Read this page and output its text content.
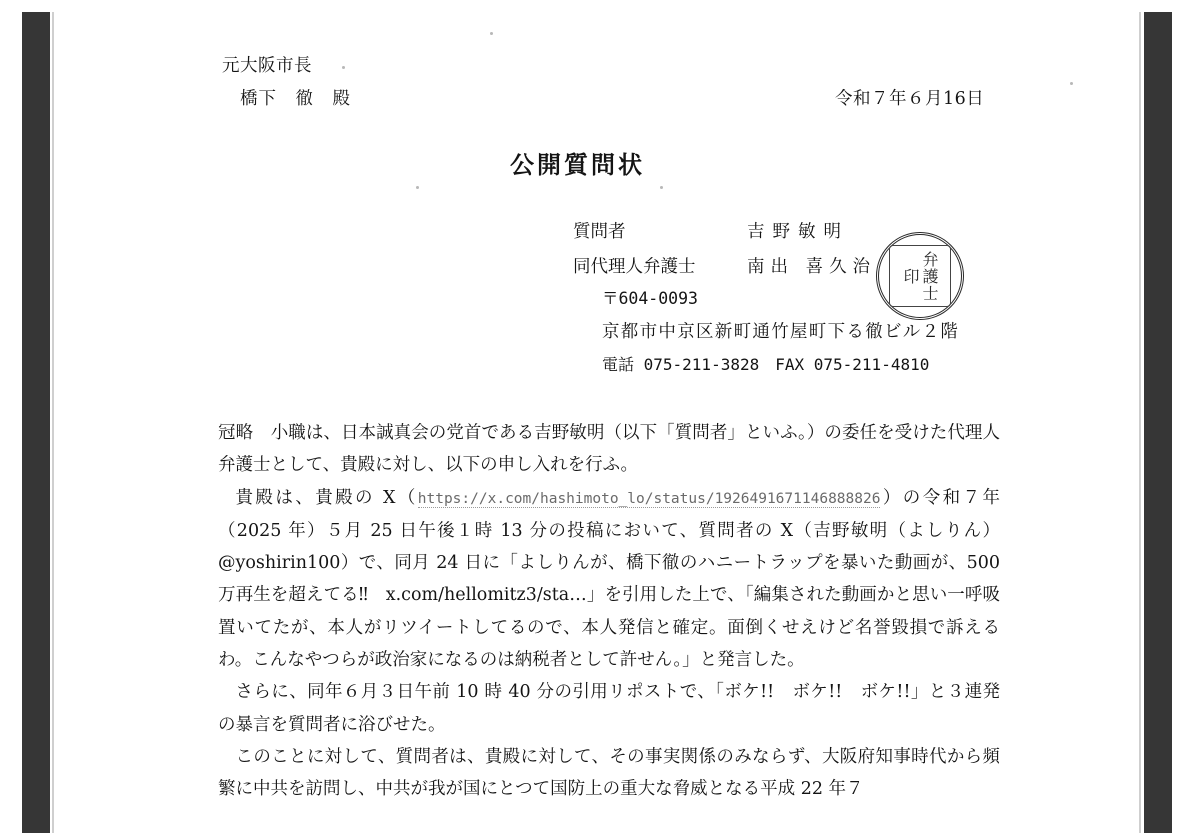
元大阪市長
橋下　徹　殿	令和７年６月16日
公開質問状
質問者	吉野敏明
同代理人弁護士	南出 喜久治	弁護士印
〒604-0093
京都市中京区新町通竹屋町下る徹ビル２階
電話 075-211-3828　FAX 075-211-4810

冠略　小職は、日本誠真会の党首である吉野敏明（以下「質問者」といふ。）の委任を受けた代理人弁護士として、貴殿に対し、以下の申し入れを行ふ。

貴殿は、貴殿の X（https://x.com/hashimoto_lo/status/1926491671146888826）の令和７年（2025 年）５月 25 日午後１時 13 分の投稿において、質問者の X（吉野敏明（よしりん）@yoshirin100）で、同月 24 日に「よしりんが、橋下徹のハニートラップを暴いた動画が、500 万再生を超えてる‼　x.com/hellomitz3/sta…」を引用した上で、「編集された動画かと思い一呼吸置いてたが、本人がリツイートしてるので、本人発信と確定。面倒くせえけど名誉毀損で訴えるわ。こんなやつらが政治家になるのは納税者として許せん。」と発言した。

さらに、同年６月３日午前 10 時 40 分の引用リポストで、「ボケ!!　ボケ!!　ボケ!!」と３連発の暴言を質問者に浴びせた。

このことに対して、質問者は、貴殿に対して、その事実関係のみならず、大阪府知事時代から頻繁に中共を訪問し、中共が我が国にとつて国防上の重大な脅威となる平成 22 年７
